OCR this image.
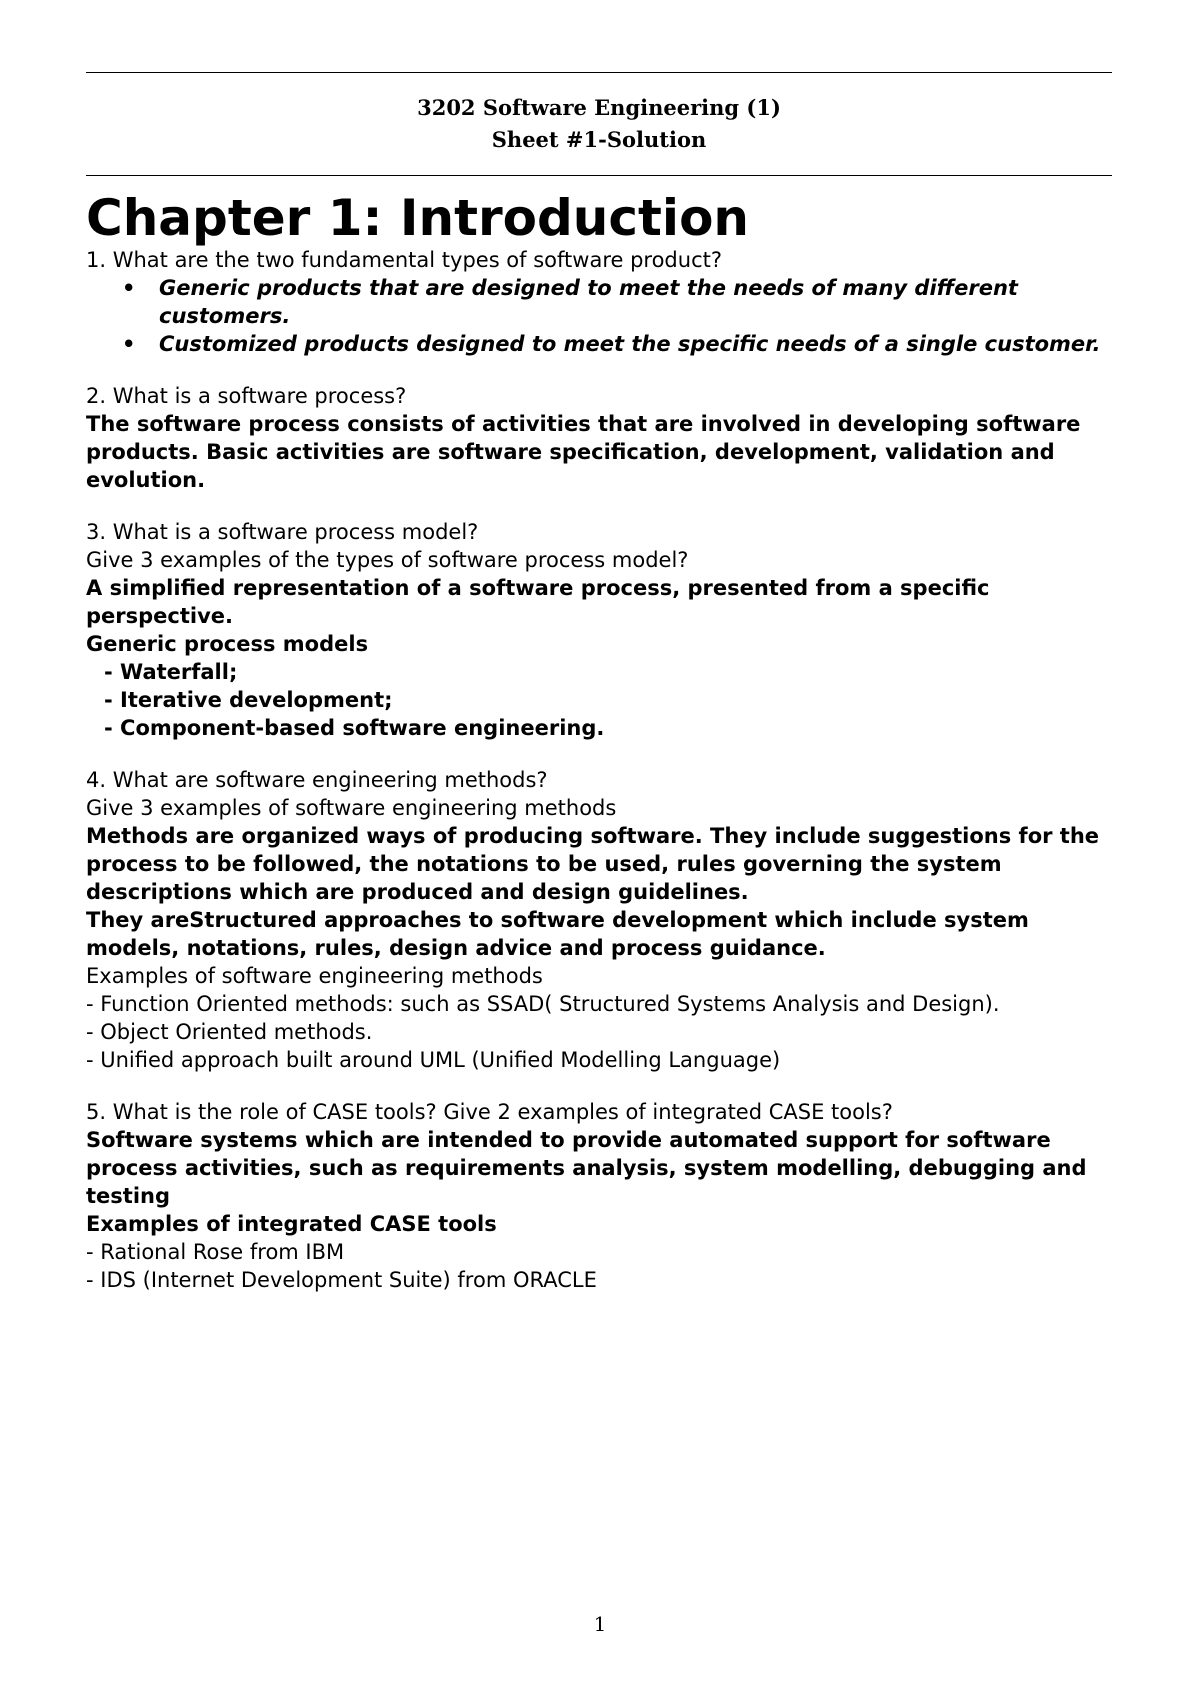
3202 Software Engineering (1)
Sheet #1-Solution
Chapter 1: Introduction

1. What are the two fundamental types of software product?

• Generic products that are designed to meet the needs of many different customers.
• Customized products designed to meet the specific needs of a single customer.

2. What is a software process?

The software process consists of activities that are involved in developing software products. Basic activities are software specification, development, validation and evolution.

3. What is a software process model?

Give 3 examples of the types of software process model?

A simplified representation of a software process, presented from a specific perspective.

Generic process models

- Waterfall;

- Iterative development;

- Component-based software engineering.

4. What are software engineering methods?

Give 3 examples of software engineering methods

Methods are organized ways of producing software. They include suggestions for the process to be followed, the notations to be used, rules governing the system descriptions which are produced and design guidelines.

They areStructured approaches to software development which include system models, notations, rules, design advice and process guidance.

Examples of software engineering methods

- Function Oriented methods: such as SSAD( Structured Systems Analysis and Design).

- Object Oriented methods.

- Unified approach built around UML (Unified Modelling Language)

5. What is the role of CASE tools? Give 2 examples of integrated CASE tools?

Software systems which are intended to provide automated support for software process activities, such as requirements analysis, system modelling, debugging and testing

Examples of integrated CASE tools

- Rational Rose from IBM

- IDS (Internet Development Suite) from ORACLE

1
